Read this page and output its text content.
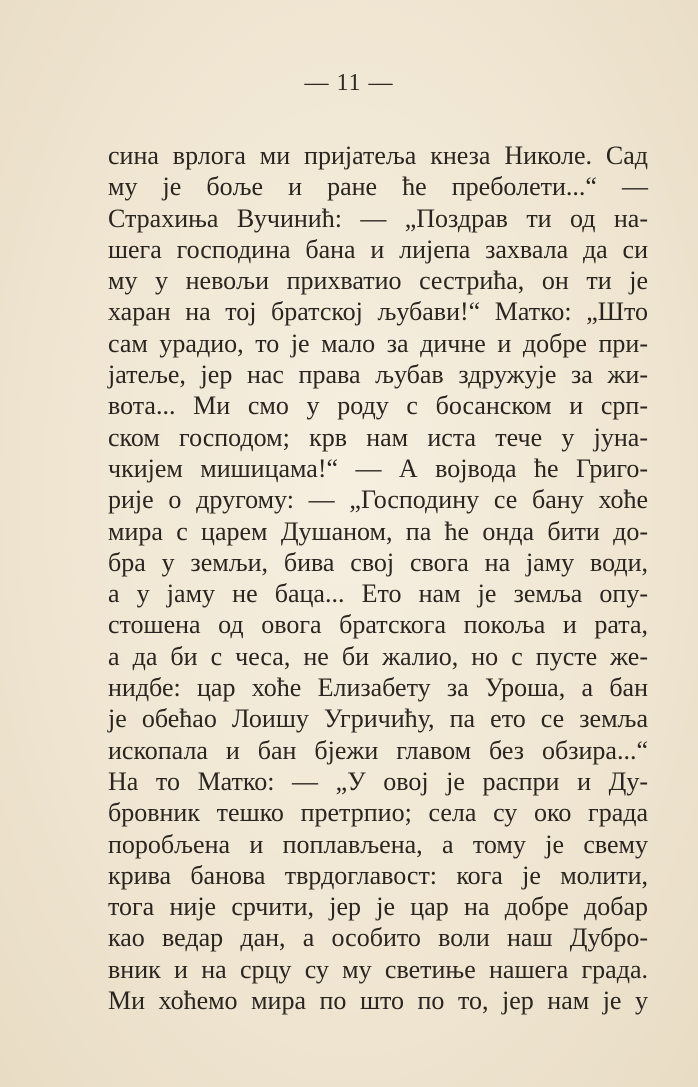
— 11 —
сина врлога ми пријатеља кнеза Николе. Сад
му је боље и ране ће преболети...“ —
Страхиња Вучинић: — „Поздрав ти од на-
шега господина бана и лијепа захвала да си
му у невољи прихватио сестрића, он ти је
харан на тој братској љубави!“ Матко: „Што
сам урадио, то је мало за дичне и добре при-
јатеље, јер нас права љубав здружује за жи-
вота... Ми смо у роду с босанском и срп-
ском господом; крв нам иста тече у јуна-
чкијем мишицама!“ — А војвода ће Григо-
рије о другому: — „Господину се бану хоће
мира с царем Душаном, па ће онда бити до-
бра у земљи, бива свој свога на јаму води,
а у јаму не баца... Ето нам је земља опу-
стошена од овога братскога покоља и рата,
а да би с чеса, не би жалио, но с пусте же-
нидбе: цар хоће Елизабету за Уроша, а бан
је обећао Лоишу Угричићу, па ето се земља
ископала и бан бјежи главом без обзира...“
На то Матко: — „У овој је распри и Ду-
бровник тешко претрпио; села су око града
поробљена и поплављена, а тому је свему
крива банова тврдоглавост: кога је молити,
тога није срчити, јер је цар на добре добар
као ведар дан, а особито воли наш Дубро-
вник и на срцу су му светиње нашега града.
Ми хоћемо мира по што по то, јер нам је у
